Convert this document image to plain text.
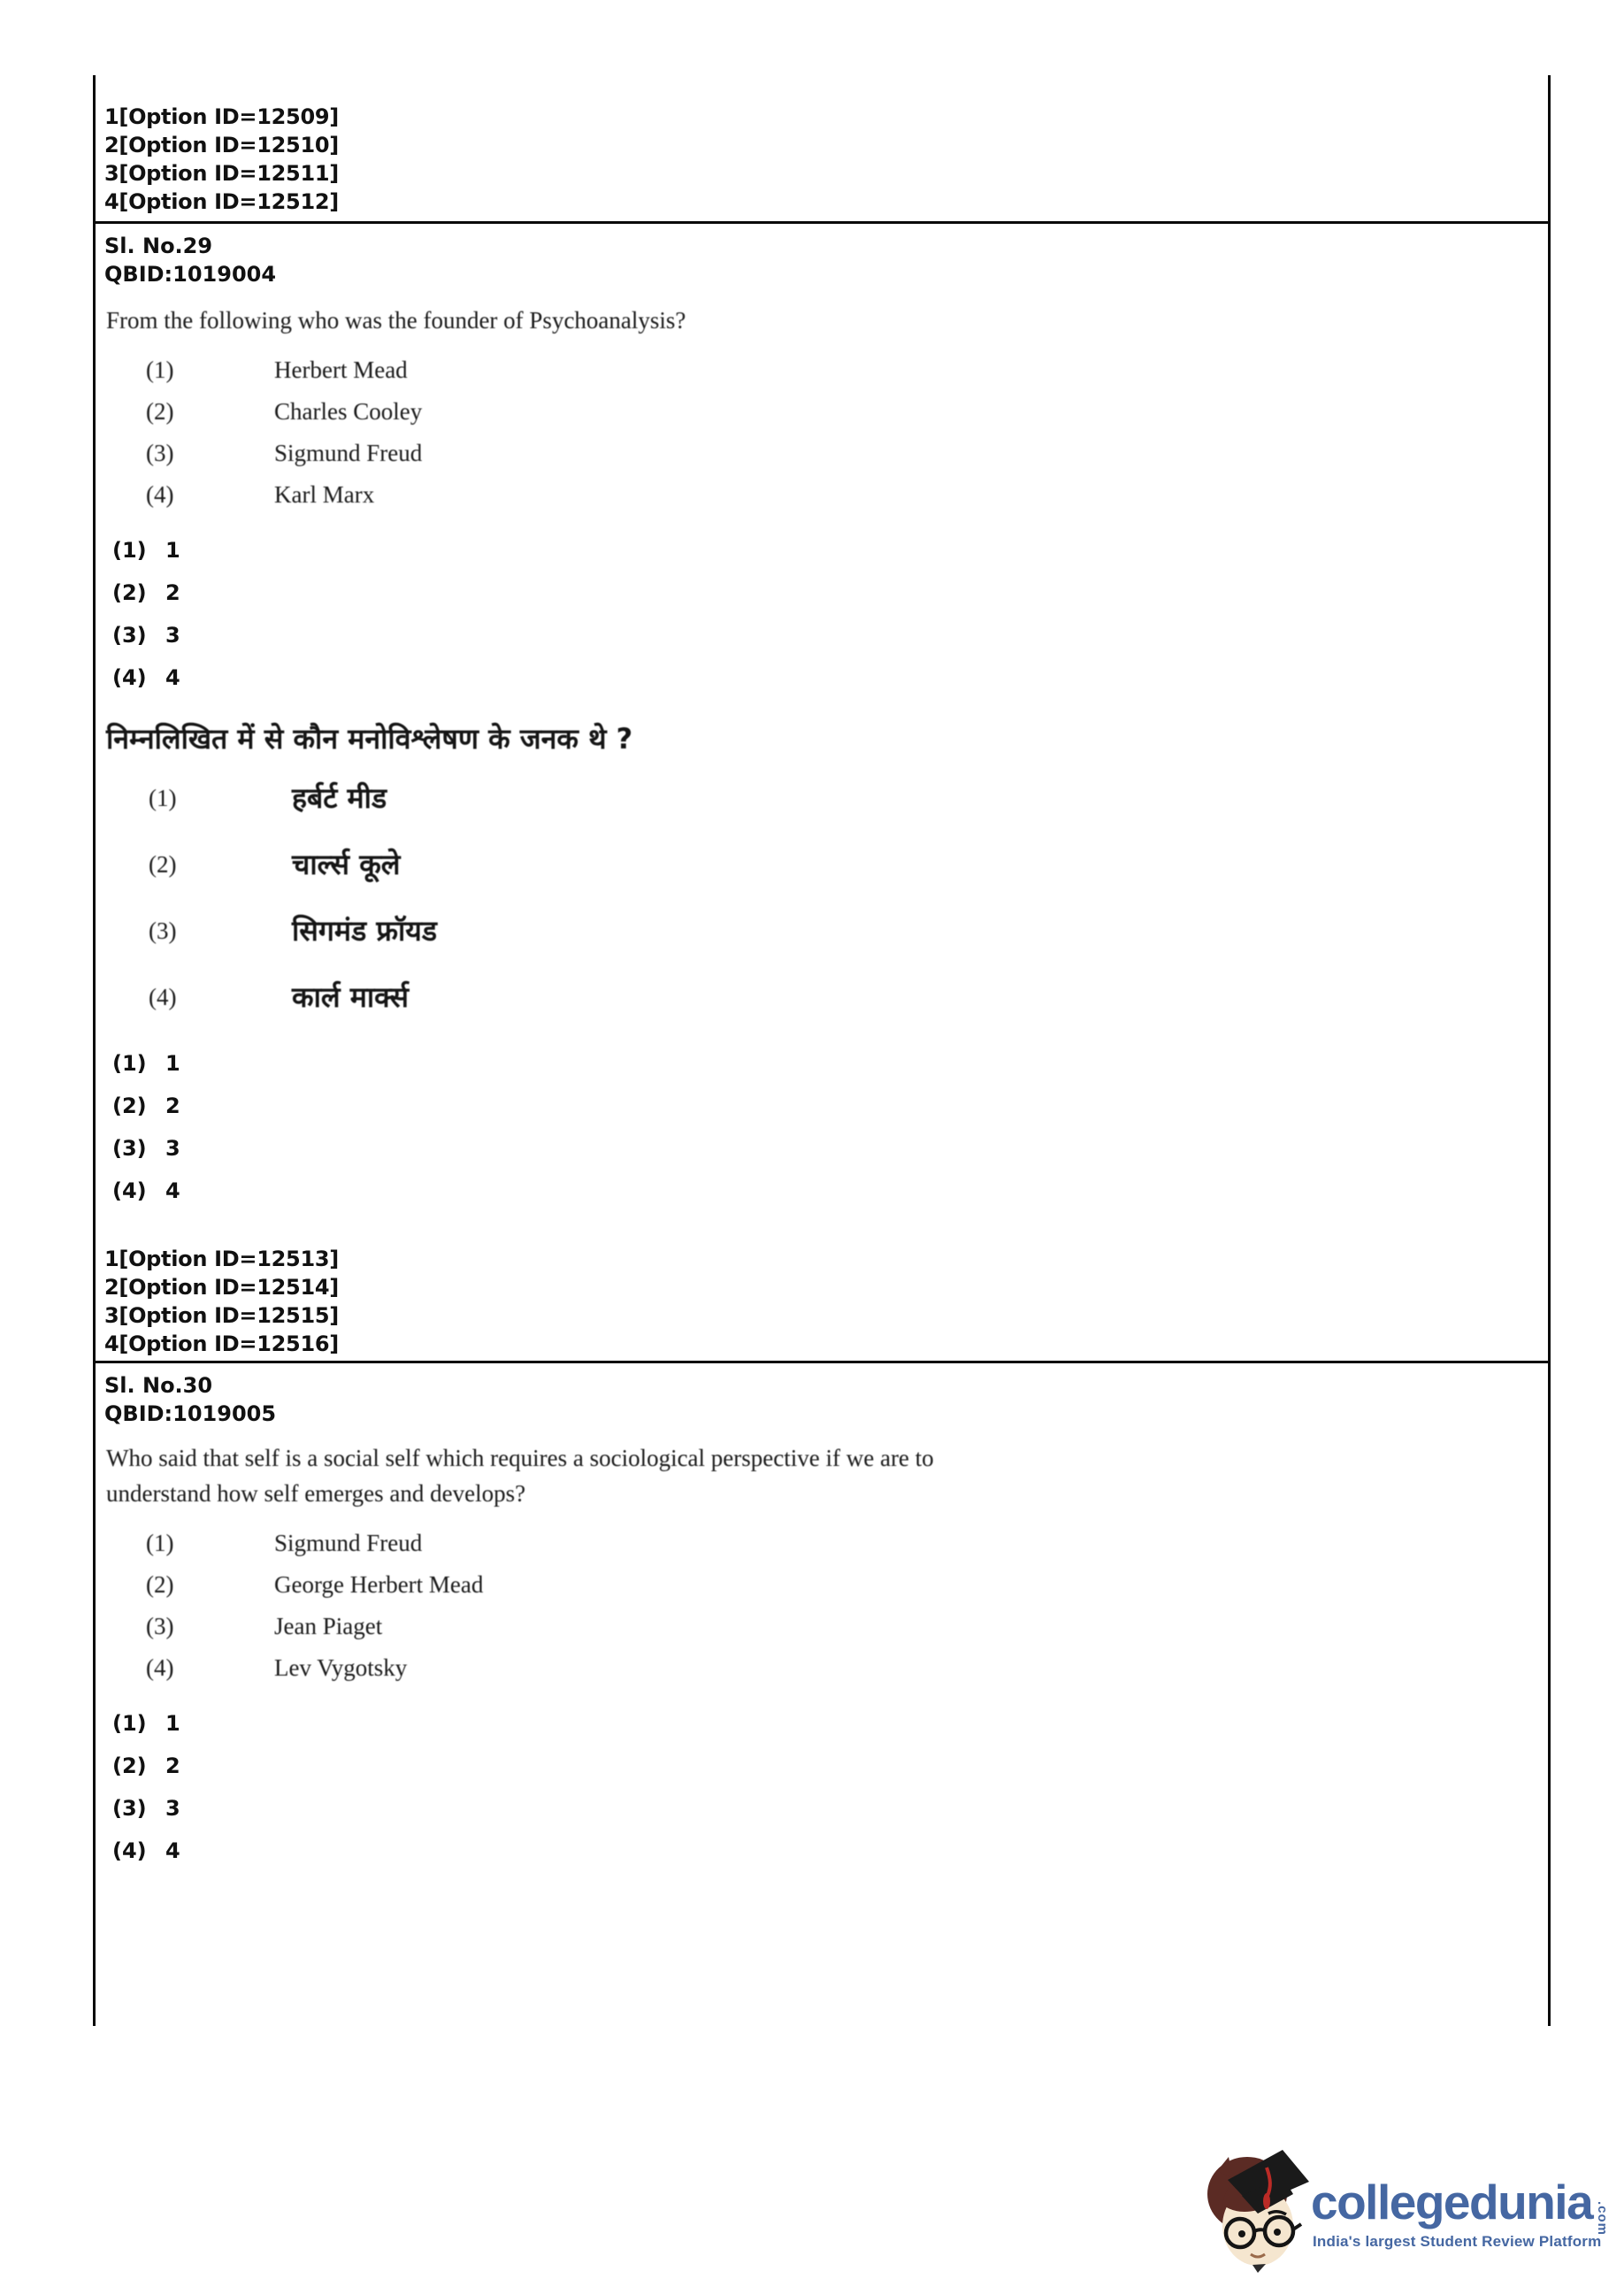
1[Option ID=12509]
2[Option ID=12510]
3[Option ID=12511]
4[Option ID=12512]
Sl. No.29
QBID:1019004
From the following who was the founder of Psychoanalysis?
(1)	Herbert Mead
(2)	Charles Cooley
(3)	Sigmund Freud
(4)	Karl Marx
(1) 1
(2) 2
(3) 3
(4) 4
निम्नलिखित में से कौन मनोविश्लेषण के जनक थे ?
(1)	हर्बर्ट मीड
(2)	चार्ल्स कूले
(3)	सिगमंड फ्रॉयड
(4)	कार्ल मार्क्स
(1) 1
(2) 2
(3) 3
(4) 4
1[Option ID=12513]
2[Option ID=12514]
3[Option ID=12515]
4[Option ID=12516]
Sl. No.30
QBID:1019005
Who said that self is a social self which requires a sociological perspective if we are to
understand how self emerges and develops?
(1)	Sigmund Freud
(2)	George Herbert Mead
(3)	Jean Piaget
(4)	Lev Vygotsky
(1) 1
(2) 2
(3) 3
(4) 4
collegedunia .com
India's largest Student Review Platform
